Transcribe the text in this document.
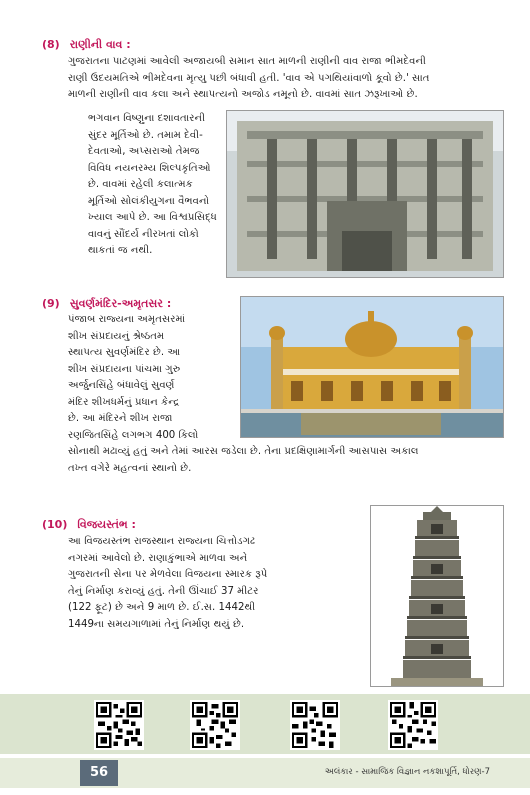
(8) રાણીની વાવ :

ગુજરાતના પાટણમાં આવેલી અજાયબી સમાન સાત માળની રાણીની વાવ રાજા ભીમદેવની

રાણી ઉદયમતિએ ભીમદેવના મૃત્યુ પછી બંધાવી હતી. 'વાવ એ પગથિયાંવાળો કૂવો છે.' સાત

માળની રાણીની વાવ કલા અને સ્થાપત્યનો અજોડ નમૂનો છે. વાવમાં સાત ઝરૂખાઓ છે.

ભગવાન વિષ્ણુના દશાવતારની

સુંદર મૂર્તિઓ છે. તમામ દેવી-

દેવતાઓ, અપ્સરાઓ તેમજ

વિવિધ નયનરમ્ય શિલ્પકૃતિઓ

છે. વાવમાં રહેલી કલાત્મક

મૂર્તિઓ સોલંકીયુગના વૈભવનો

ખ્યાલ આપે છે. આ વિશ્વપ્રસિદ્ધ

વાવનું સૌંદર્ય નીરખતાં લોકો

થાકતાં જ નથી.

(9) સુવર્ણમંદિર-અમૃતસર :

પંજાબ રાજ્યના અમૃતસરમાં

શીખ સંપ્રદાયનું શ્રેષ્ઠતમ

સ્થાપત્ય સુવર્ણમંદિર છે. આ

શીખ સંપ્રદાયના પાંચમા ગુરુ

અર્જુનસિંહે બંધાવેલું સુવર્ણ

મંદિર શીખધર્મનું પ્રધાન કેન્દ્ર

છે. આ મંદિરને શીખ રાજા

રણજિતસિંહે લગભગ 400 કિલો

સોનાથી મઢાવ્યું હતું અને તેમાં આરસ જડેલા છે. તેના પ્રદક્ષિણામાર્ગની આસપાસ અકાલ

તખ્ત વગેરે મહત્વનાં સ્થાનો છે.

(10) વિજયસ્તંભ :

આ વિજયસ્તંભ રાજસ્થાન રાજ્યના ચિત્તોડગઢ

નગરમાં આવેલો છે. રાણાકુંભાએ માળવા અને

ગુજરાતની સેના પર મેળવેલા વિજયના સ્મારક રૂપે

તેનું નિર્માણ કરાવ્યું હતું. તેની ઊંચાઈ 37 મીટર

(122 ફૂટ) છે અને 9 માળ છે. ઈ.સ. 1442થી

1449ના સમયગાળામાં તેનું નિર્માણ થયું છે.

56	અલંકાર - સામાજિક વિજ્ઞાન નકશાપૂર્તિ, ધોરણ-7
